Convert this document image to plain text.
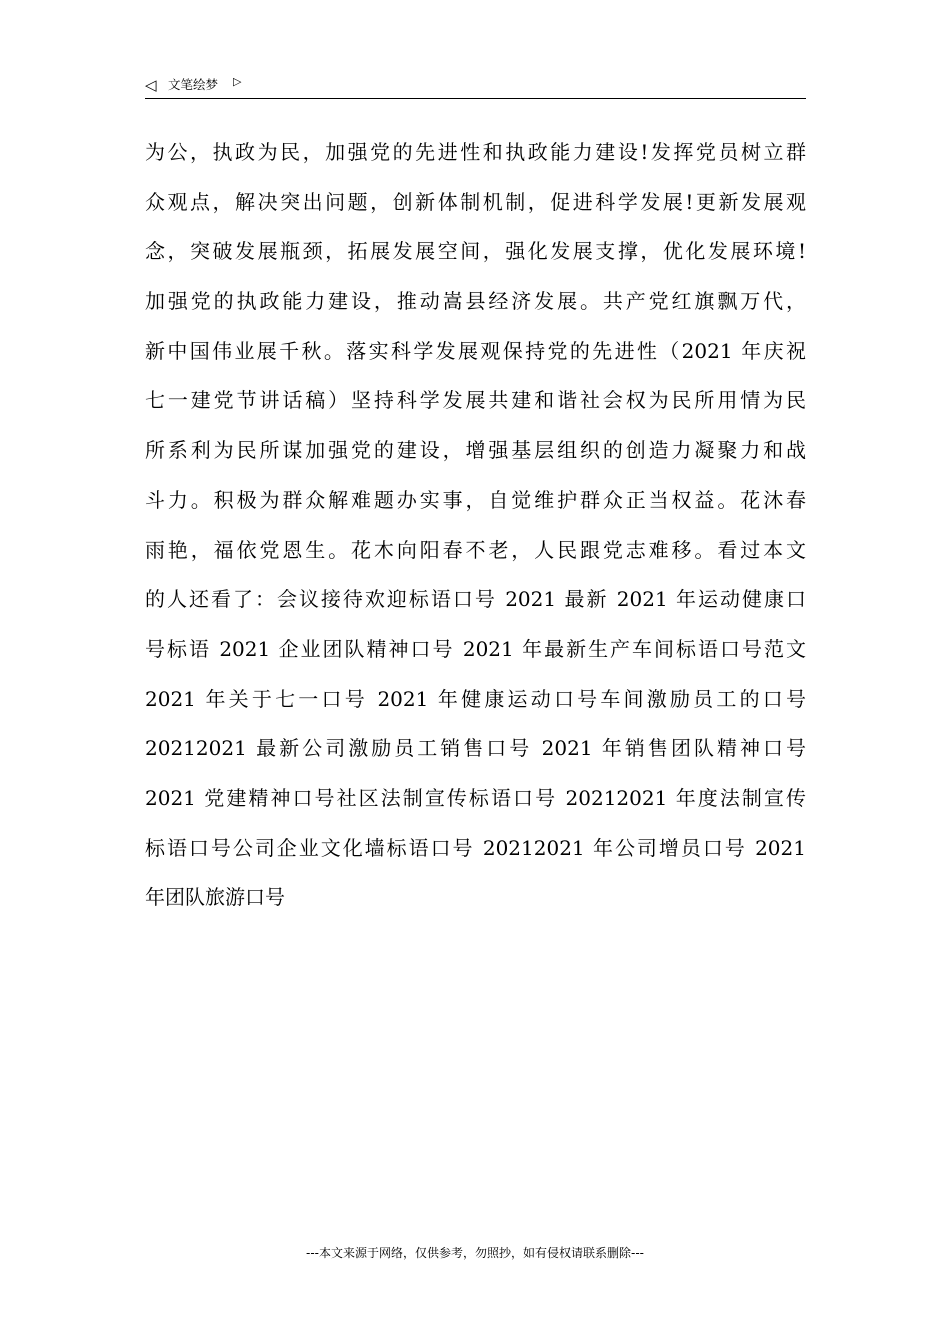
◁ 文笔绘梦 ▷
为公，执政为民，加强党的先进性和执政能力建设!发挥党员树立群
众观点，解决突出问题，创新体制机制，促进科学发展!更新发展观
念，突破发展瓶颈，拓展发展空间，强化发展支撑，优化发展环境!
加强党的执政能力建设，推动嵩县经济发展。共产党红旗飘万代，
新中国伟业展千秋。落实科学发展观保持党的先进性（2021 年庆祝
七一建党节讲话稿）坚持科学发展共建和谐社会权为民所用情为民
所系利为民所谋加强党的建设，增强基层组织的创造力凝聚力和战
斗力。积极为群众解难题办实事，自觉维护群众正当权益。花沐春
雨艳，福依党恩生。花木向阳春不老，人民跟党志难移。看过本文
的人还看了：会议接待欢迎标语口号 2021 最新 2021 年运动健康口
号标语 2021 企业团队精神口号 2021 年最新生产车间标语口号范文
2021 年关于七一口号 2021 年健康运动口号车间激励员工的口号
20212021 最新公司激励员工销售口号 2021 年销售团队精神口号
2021 党建精神口号社区法制宣传标语口号 20212021 年度法制宣传
标语口号公司企业文化墙标语口号 20212021 年公司增员口号 2021
年团队旅游口号
---本文来源于网络，仅供参考，勿照抄，如有侵权请联系删除---
